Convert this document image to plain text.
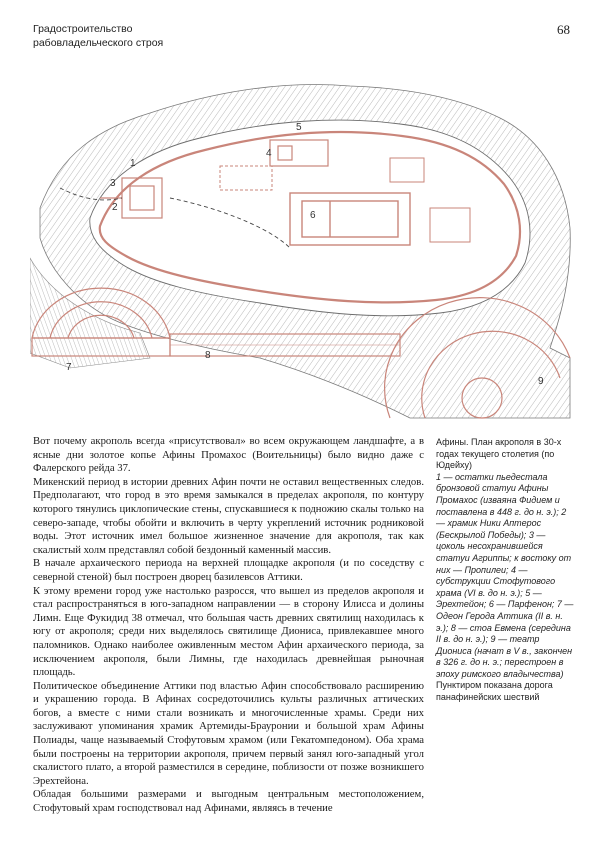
Градостроительство
рабовладельческого строя
68
1
2
3
4
5
6
7
8
9

Вот почему акрополь всегда «присутствовал» во всем окружающем ландшафте, а в ясные дни золотое копье Афины Промахос (Воительницы) было видно даже с Фалерского рейда 37.

Микенский период в истории древних Афин почти не оставил вещественных следов. Предполагают, что город в это время замыкался в пределах акрополя, по контуру которого тянулись циклопические стены, спускавшиеся к подножию скалы только на северо-западе, чтобы обойти и включить в черту укреплений источник родниковой воды. Этот источник имел большое жизненное значение для акрополя, так как скалистый холм представлял собой бездонный каменный массив.

В начале архаического периода на верхней площадке акрополя (и по соседству с северной стеной) был построен дворец базилевсов Аттики.

К этому времени город уже настолько разросся, что вышел из пределов акрополя и стал распространяться в юго-западном направлении — в сторону Илисса и долины Лимн. Еще Фукидид 38 отмечал, что большая часть древних святилищ находилась к югу от акрополя; среди них выделялось святилище Диониса, привлекавшее много паломников. Однако наиболее оживленным местом Афин архаического периода, за исключением акрополя, были Лимны, где находилась древнейшая рыночная площадь.

Политическое объединение Аттики под властью Афин способствовало расширению и украшению города. В Афинах сосредоточились культы различных аттических богов, а вместе с ними стали возникать и многочисленные храмы. Среди них заслуживают упоминания храмик Артемиды-Брауронии и большой храм Афины Полиады, чаще называемый Стофутовым храмом (или Гекатомпедоном). Оба храма были построены на территории акрополя, причем первый занял юго-западный угол скалистого плато, а второй разместился в середине, поблизости от позже возникшего Эрехтейона.

Обладая большими размерами и выгодным центральным местоположением, Стофутовый храм господствовал над Афинами, являясь в течение

Афины. План акрополя в 30-х годах текущего столетия (по Юдейху)
1 — остатки пьедестала бронзовой статуи Афины Промахос (изваяна Фидием и поставлена в 448 г. до н. э.); 2 — храмик Ники Аптерос (Бескрылой Победы); 3 — цоколь несохранившейся статуи Агриппы; к востоку от них — Пропилеи; 4 — субструкции Стофутового храма (VI в. до н. э.); 5 — Эрехтейон; 6 — Парфенон; 7 — Одеон Герода Аттика (II в. н. э.); 8 — стоа Евмена (середина II в. до н. э.); 9 — театр Диониса (начат в V в., закончен в 326 г. до н. э.; перестроен в эпоху римского владычества)
Пунктиром показана дорога панафинейских шествий
